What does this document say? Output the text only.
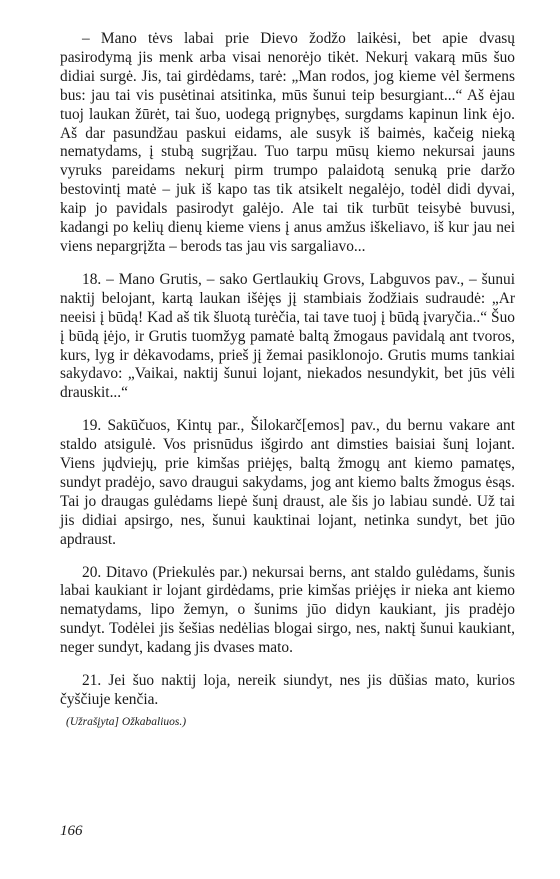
– Mano tėvs labai prie Dievo žodžo laikėsi, bet apie dvasų pasirodymą jis menk arba visai nenorėjo tikėt. Nekurį vakarą mūs šuo didiai surgė. Jis, tai girdėdams, tarė: „Man rodos, jog kieme vėl šermens bus: jau tai vis pusėtinai atsitinka, mūs šunui teip besurgiant...“ Aš ėjau tuoj laukan žūrėt, tai šuo, uodegą prignybęs, surgdams kapinun link ėjo. Aš dar pasundžau paskui eidams, ale susyk iš baimės, kačeig nieką nematydams, į stubą sugrįžau. Tuo tarpu mūsų kiemo nekursai jauns vyruks pareidams nekurį pirm trumpo palaidotą senuką prie daržo bestovintį matė – juk iš kapo tas tik atsikelt negalėjo, todėl didi dyvai, kaip jo pavidals pasirodyt galėjo. Ale tai tik turbūt teisybė buvusi, kadangi po kelių dienų kieme viens į anus amžus iškeliavo, iš kur jau nei viens nepargrįžta – berods tas jau vis sargaliavo...

18. – Mano Grutis, – sako Gertlaukių Grovs, Labguvos pav., – šunui naktij belojant, kartą laukan išėjęs jį stambiais žodžiais sudraudė: „Ar neeisi į būdą! Kad aš tik šluotą turėčia, tai tave tuoj į būdą įvaryčia..“ Šuo į būdą įėjo, ir Grutis tuomžyg pamatė baltą žmogaus pavidalą ant tvoros, kurs, lyg ir dėkavodams, prieš jį žemai pasiklonojo. Grutis mums tankiai sakydavo: „Vaikai, naktij šunui lojant, niekados nesundykit, bet jūs vėli drauskit...“

19. Sakūčuos, Kintų par., Šilokarč[emos] pav., du bernu vakare ant staldo atsigulė. Vos prisnūdus išgirdo ant dimsties baisiai šunį lojant. Viens jųdviejų, prie kimšas priėjęs, baltą žmogų ant kiemo pamatęs, sundyt pradėjo, savo draugui sakydams, jog ant kiemo balts žmogus ėsąs. Tai jo draugas gulėdams liepė šunį draust, ale šis jo labiau sundė. Už tai jis didiai apsirgo, nes, šunui kauktinai lojant, netinka sundyt, bet jūo apdraust.

20. Ditavo (Priekulės par.) nekursai berns, ant staldo gulėdams, šunis labai kaukiant ir lojant girdėdams, prie kimšas priėjęs ir nieka ant kiemo nematydams, lipo žemyn, o šunims jūo didyn kaukiant, jis pradėjo sundyt. Todėlei jis šešias nedėlias blogai sirgo, nes, naktį šunui kaukiant, neger sundyt, kadang jis dvases mato.

21. Jei šuo naktij loja, nereik siundyt, nes jis dūšias mato, kurios čyščiuje kenčia.

(Užrašįyta] Ožkabaliuos.)

166
